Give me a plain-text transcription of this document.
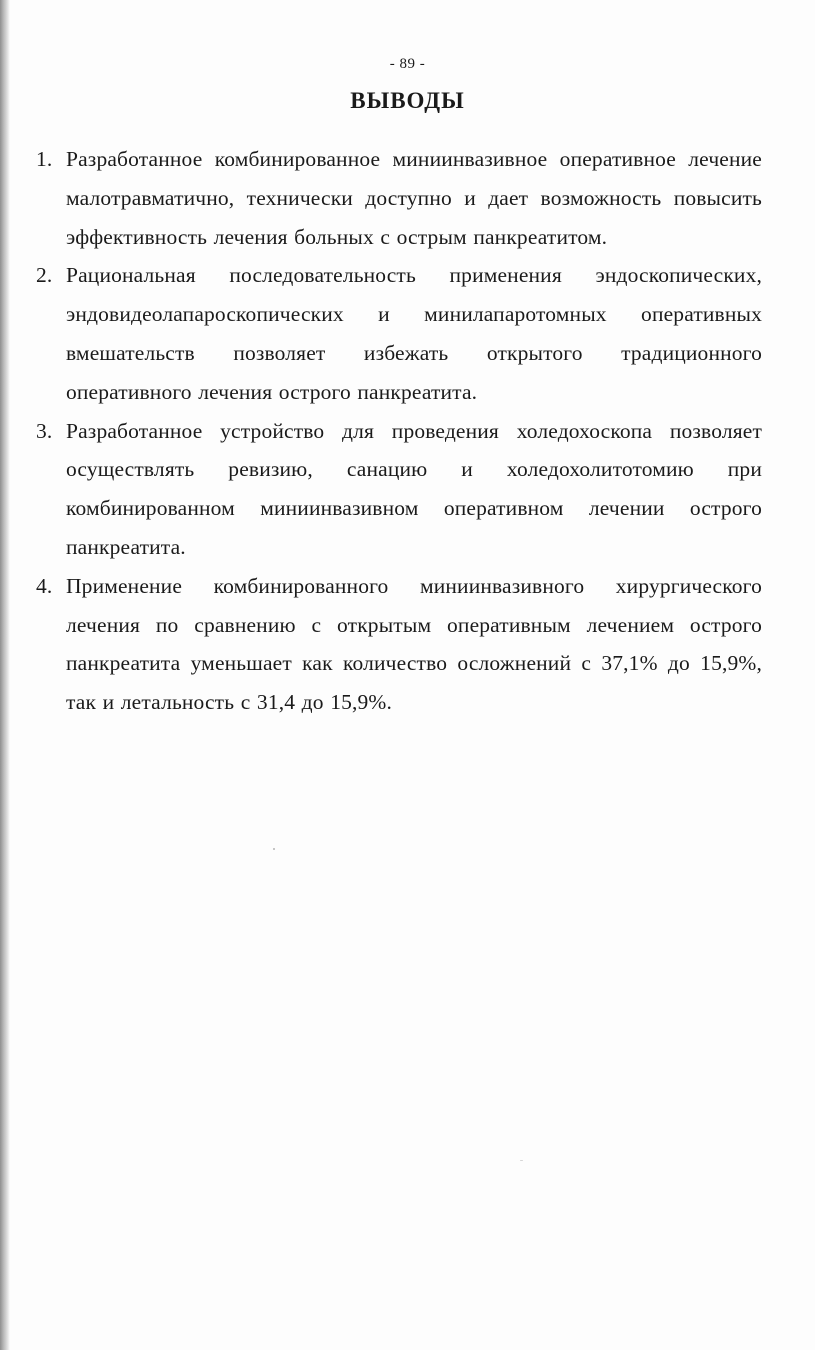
- 89 -
ВЫВОДЫ
1. Разработанное комбинированное миниинвазивное оперативное лечение малотравматично, технически доступно и дает возможность повысить эффективность лечения больных с острым панкреатитом.
2. Рациональная последовательность применения эндоскопических, эндовидеолапароскопических и минилапаротомных оперативных вмешательств позволяет избежать открытого традиционного оперативного лечения острого панкреатита.
3. Разработанное устройство для проведения холедохоскопа позволяет осуществлять ревизию, санацию и холедохолитотомию при комбинированном миниинвазивном оперативном лечении острого панкреатита.
4. Применение комбинированного миниинвазивного хирургического лечения по сравнению с открытым оперативным лечением острого панкреатита уменьшает как количество осложнений с 37,1% до 15,9%, так и летальность с 31,4 до 15,9%.
